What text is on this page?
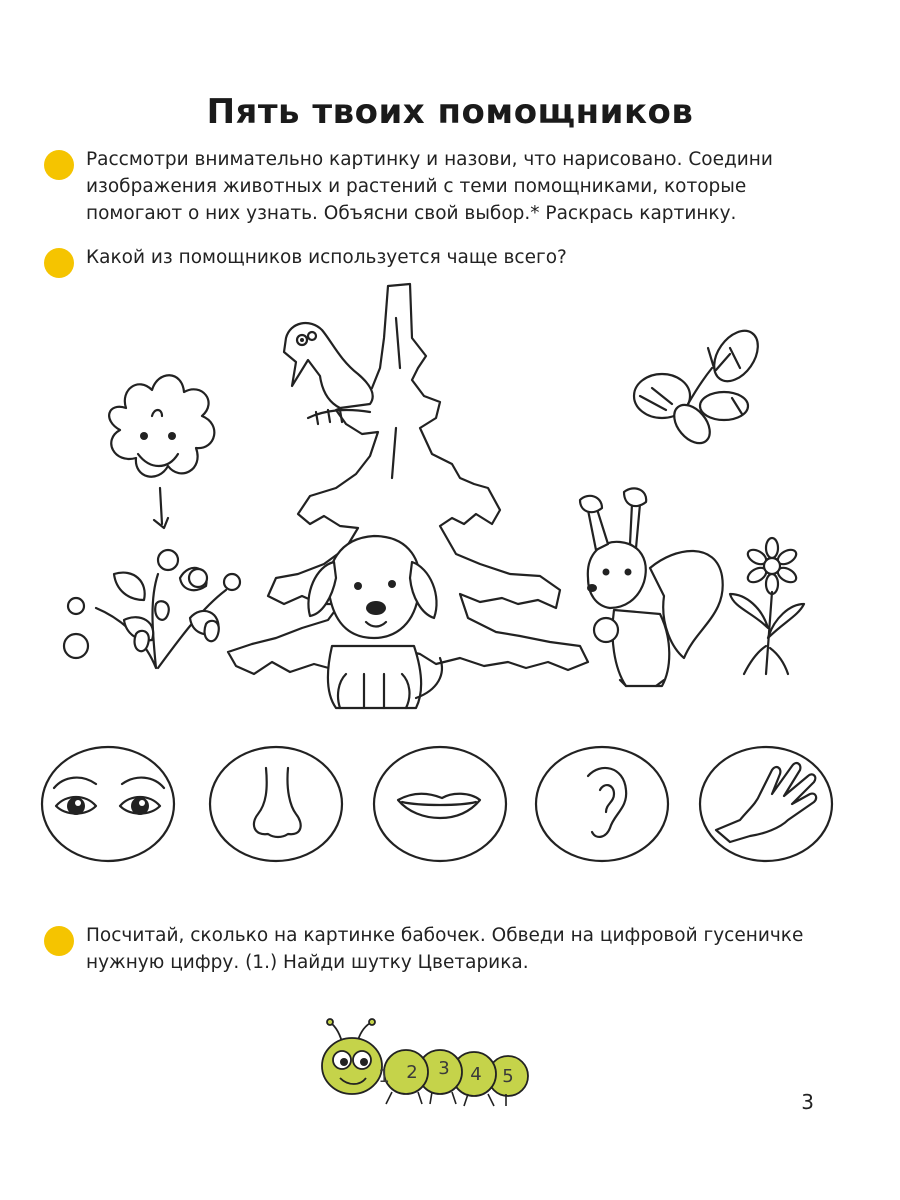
Пять твоих помощников
Рассмотри внимательно картинку и назови, что нарисовано. Соедини изображения животных и растений с теми помощниками, которые помогают о них узнать. Объясни свой выбор.* Раскрась картинку.
Какой из помощников используется чаще всего?
Посчитай, сколько на картинке бабочек. Обведи на цифровой гусеничке нужную цифру. (1.) Найди шутку Цветарика.
1 2 3 4 5
3
